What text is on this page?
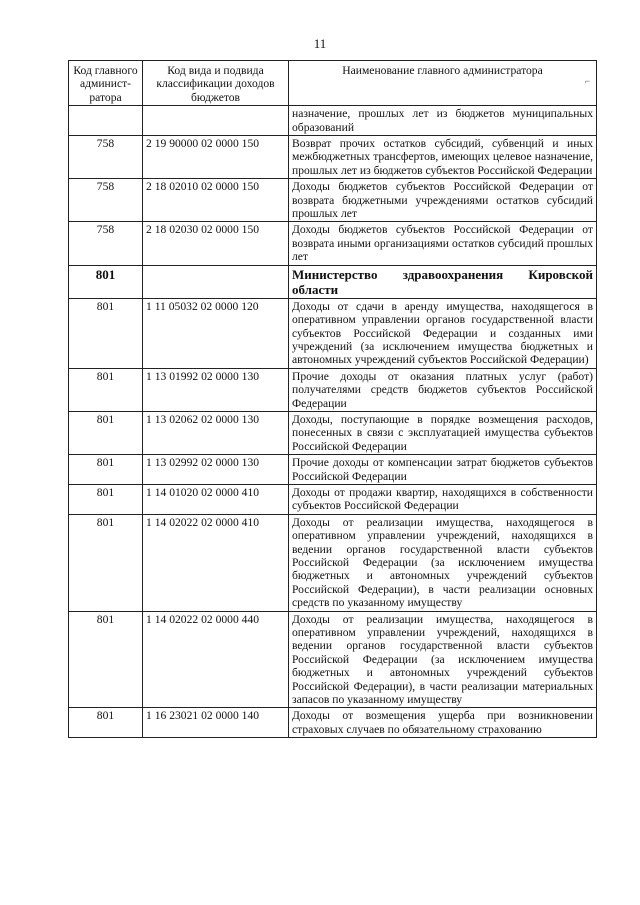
11
Код главного админист-ратора	Код вида и подвида классификации доходов бюджетов	Наименование главного администратора
⌐

		назначение, прошлых лет из бюджетов муниципальных образований
758	2 19 90000 02 0000 150	Возврат прочих остатков субсидий, субвенций и иных межбюджетных трансфертов, имеющих целевое назначение, прошлых лет из бюджетов субъектов Российской Федерации
758	2 18 02010 02 0000 150	Доходы бюджетов субъектов Российской Федерации от возврата бюджетными учреждениями остатков субсидий прошлых лет
758	2 18 02030 02 0000 150	Доходы бюджетов субъектов Российской Федерации от возврата иными организациями остатков субсидий прошлых лет
801		Министерство здравоохранения Кировской области
801	1 11 05032 02 0000 120	Доходы от сдачи в аренду имущества, находящегося в оперативном управлении органов государственной власти субъектов Российской Федерации и созданных ими учреждений (за исключением имущества бюджетных и автономных учреждений субъектов Российской Федерации)
801	1 13 01992 02 0000 130	Прочие доходы от оказания платных услуг (работ) получателями средств бюджетов субъектов Российской Федерации
801	1 13 02062 02 0000 130	Доходы, поступающие в порядке возмещения расходов, понесенных в связи с эксплуатацией имущества субъектов Российской Федерации
801	1 13 02992 02 0000 130	Прочие доходы от компенсации затрат бюджетов субъектов Российской Федерации
801	1 14 01020 02 0000 410	Доходы от продажи квартир, находящихся в собственности субъектов Российской Федерации
801	1 14 02022 02 0000 410	Доходы от реализации имущества, находящегося в оперативном управлении учреждений, находящихся в ведении органов государственной власти субъектов Российской Федерации (за исключением имущества бюджетных и автономных учреждений субъектов Российской Федерации), в части реализации основных средств по указанному имуществу
801	1 14 02022 02 0000 440	Доходы от реализации имущества, находящегося в оперативном управлении учреждений, находящихся в ведении органов государственной власти субъектов Российской Федерации (за исключением имущества бюджетных и автономных учреждений субъектов Российской Федерации), в части реализации материальных запасов по указанному имуществу
801	1 16 23021 02 0000 140	Доходы от возмещения ущерба при возникновении страховых случаев по обязательному страхованию
